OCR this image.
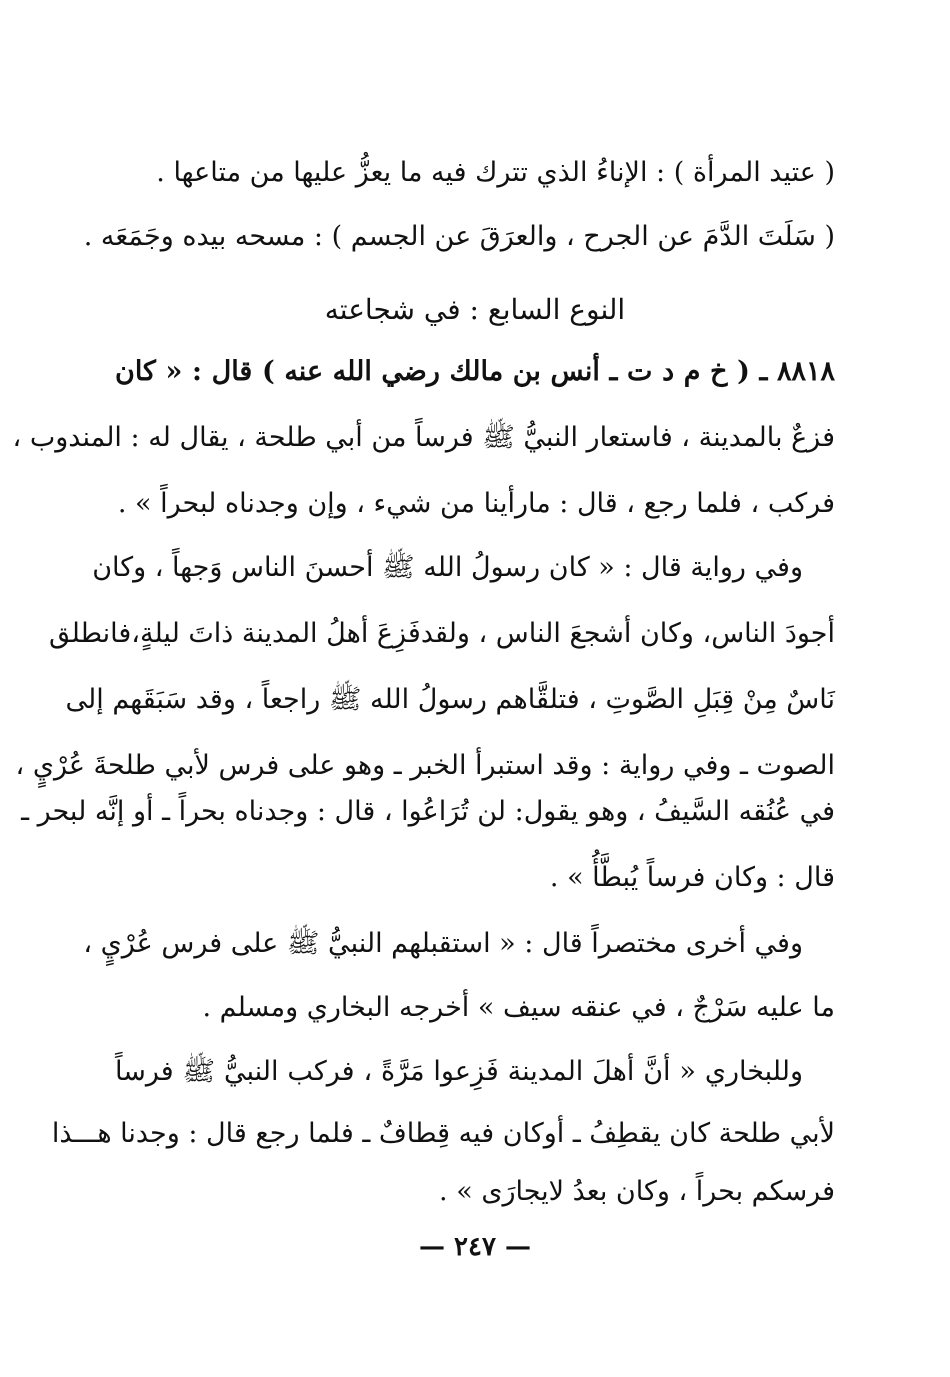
( عتيد المرأة ) : الإناءُ الذي تترك فيه ما يعزُّ عليها من متاعها .
( سَلَتَ الدَّمَ عن الجرح ، والعرَقَ عن الجسم ) : مسحه بيده وجَمَعَه .
النوع السابع : في شجاعته
٨٨١٨ ـ ( خ م د ت ـ أنس بن مالك رضي الله عنه ) قال : « كان
فزعٌ بالمدينة ، فاستعار النبيُّ ﷺ فرساً من أبي طلحة ، يقال له : المندوب ،
فركب ، فلما رجع ، قال : مارأينا من شيء ، وإن وجدناه لبحراً » .
وفي رواية قال : « كان رسولُ الله ﷺ أحسنَ الناس وَجهاً ، وكان
أجودَ الناس، وكان أشجعَ الناس ، ولقدفَزِعَ أهلُ المدينة ذاتَ ليلةٍ،فانطلق
نَاسٌ مِنْ قِبَلِ الصَّوتِ ، فتلقَّاهم رسولُ الله ﷺ راجعاً ، وقد سَبَقَهم إلى
الصوت ـ وفي رواية : وقد استبرأ الخبر ـ وهو على فرس لأبي طلحةَ عُرْيٍ ،
في عُنُقه السَّيفُ ، وهو يقول: لن تُرَاعُوا ، قال : وجدناه بحراً ـ أو إنَّه لبحر ـ
قال : وكان فرساً يُبطَّأُ » .
وفي أخرى مختصراً قال : « استقبلهم النبيُّ ﷺ على فرس عُرْيٍ ،
ما عليه سَرْجٌ ، في عنقه سيف » أخرجه البخاري ومسلم .
وللبخاري « أنَّ أهلَ المدينة فَزِعوا مَرَّةً ، فركب النبيُّ ﷺ فرساً
لأبي طلحة كان يقطِفُ ـ أوكان فيه قِطافٌ ـ فلما رجع قال : وجدنا هـــذا
فرسكم بحراً ، وكان بعدُ لايجارَى » .
— ٢٤٧ —
